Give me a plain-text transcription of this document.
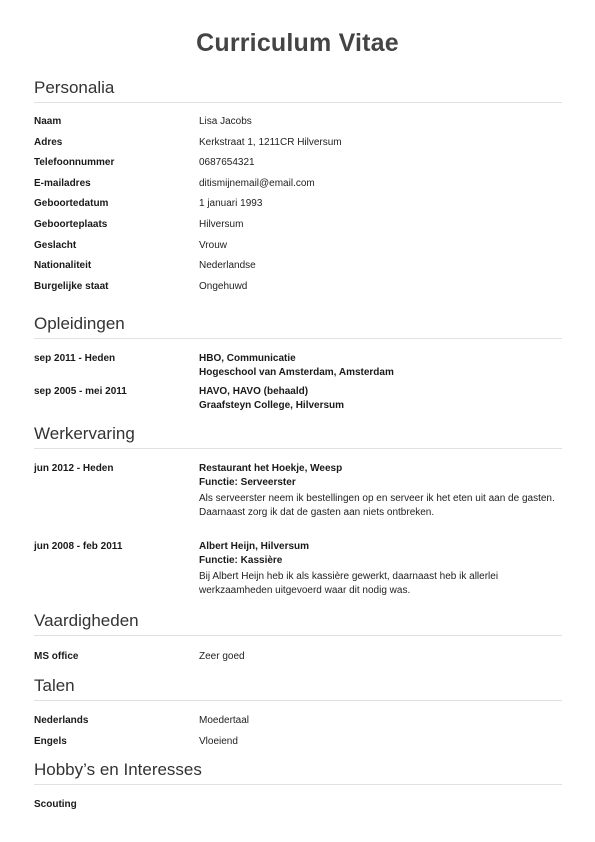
Curriculum Vitae
Personalia
Naam	Lisa Jacobs
Adres	Kerkstraat 1, 1211CR Hilversum
Telefoonnummer	0687654321
E-mailadres	ditismijnemail@email.com
Geboortedatum	1 januari 1993
Geboorteplaats	Hilversum
Geslacht	Vrouw
Nationaliteit	Nederlandse
Burgelijke staat	Ongehuwd
Opleidingen
sep 2011 - Heden	HBO, Communicatie
Hogeschool van Amsterdam, Amsterdam
sep 2005 - mei 2011	HAVO, HAVO (behaald)
Graafsteyn College, Hilversum
Werkervaring
jun 2012 - Heden	Restaurant het Hoekje, Weesp
Functie: Serveerster
Als serveerster neem ik bestellingen op en serveer ik het eten uit aan de gasten. Daarnaast zorg ik dat de gasten aan niets ontbreken.
jun 2008 - feb 2011	Albert Heijn, Hilversum
Functie: Kassière
Bij Albert Heijn heb ik als kassière gewerkt, daarnaast heb ik allerlei werkzaamheden uitgevoerd waar dit nodig was.
Vaardigheden
MS office	Zeer goed
Talen
Nederlands	Moedertaal
Engels	Vloeiend
Hobby’s en Interesses
Scouting
